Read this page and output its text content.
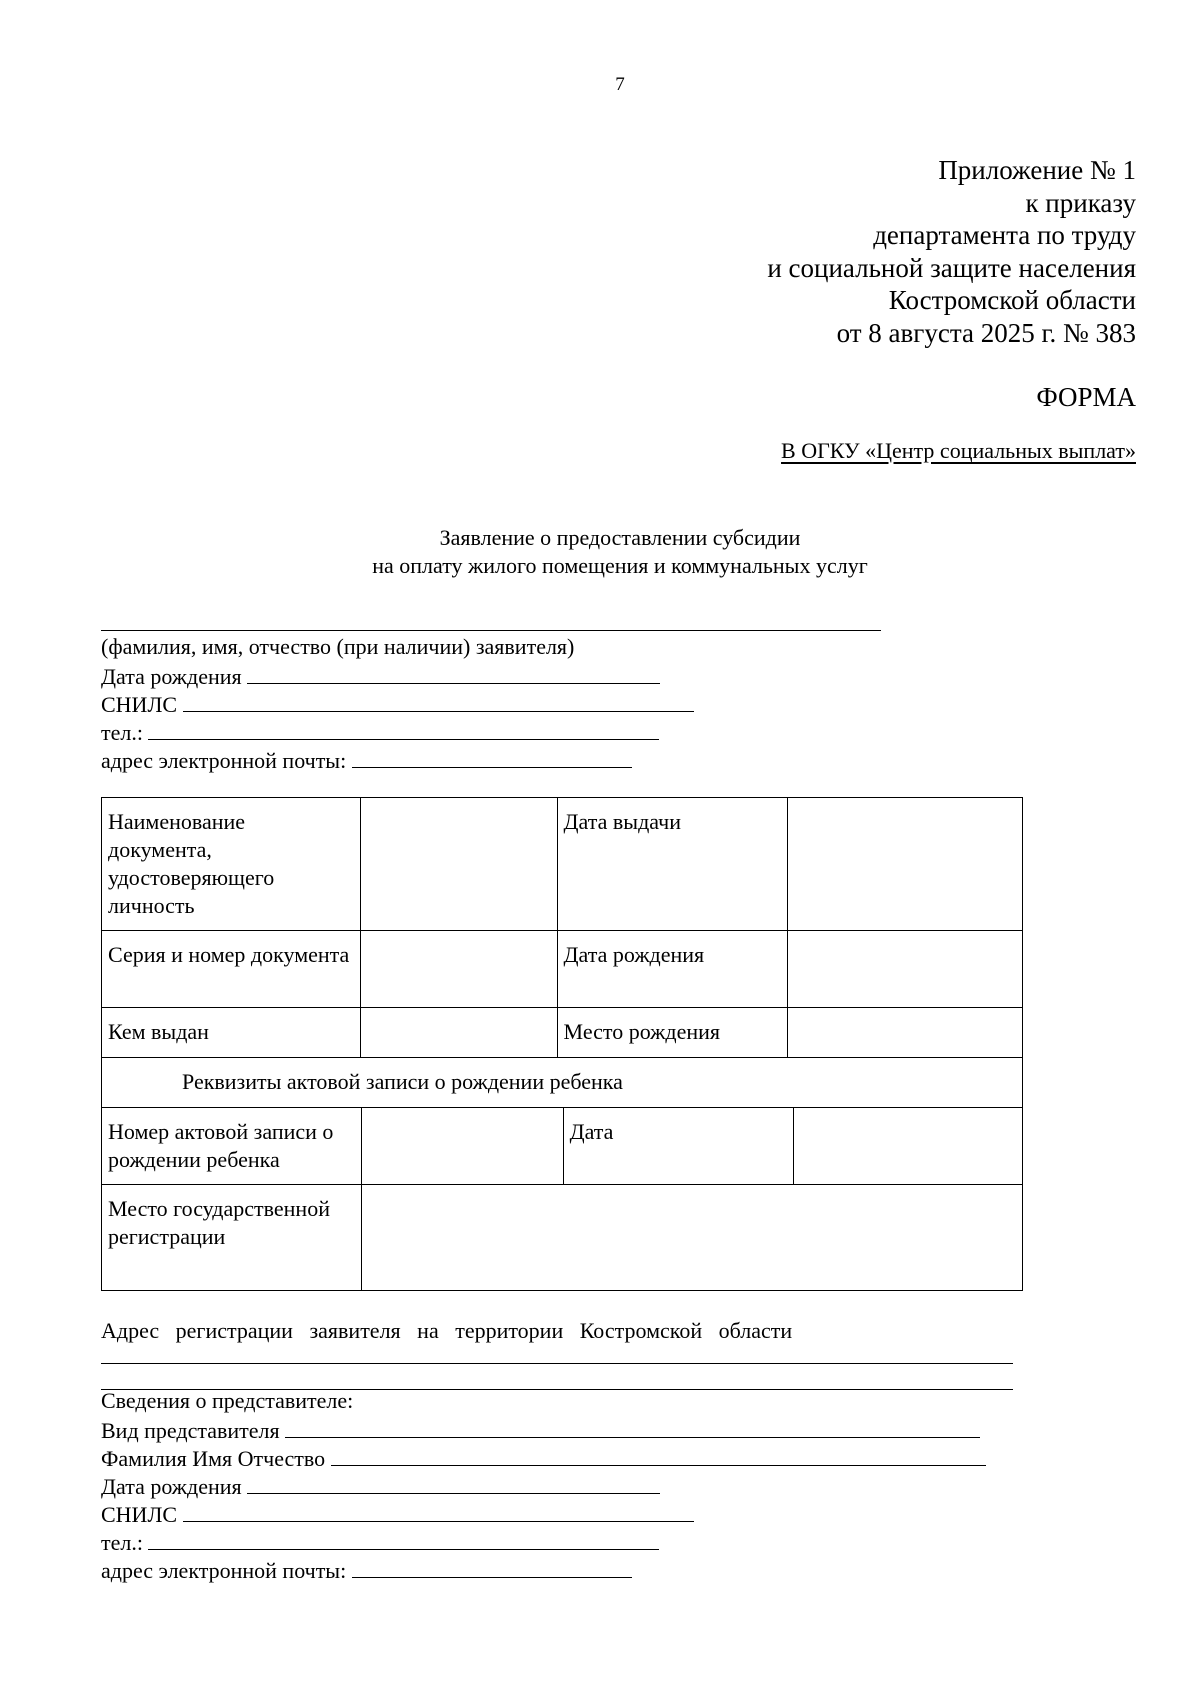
7
Приложение № 1
к приказу
департамента по труду
и социальной защите населения
Костромской области
от 8 августа 2025 г. № 383
ФОРМА
В ОГКУ «Центр социальных выплат»
Заявление о предоставлении субсидии
на оплату жилого помещения и коммунальных услуг
(фамилия, имя, отчество (при наличии) заявителя)
Дата рождения
СНИЛС
тел.:
адрес электронной почты:
Наименование документа, удостоверяющего личность		Дата выдачи	
Серия и номер документа		Дата рождения	
Кем выдан		Место рождения	
Реквизиты актовой записи о рождении ребенка			
Номер актовой записи о рождении ребенка		Дата	
Место государственной регистрации			
Адрес   регистрации   заявителя   на   территории   Костромской   области
Сведения о представителе:
Вид представителя
Фамилия Имя Отчество
Дата рождения
СНИЛС
тел.:
адрес электронной почты:
